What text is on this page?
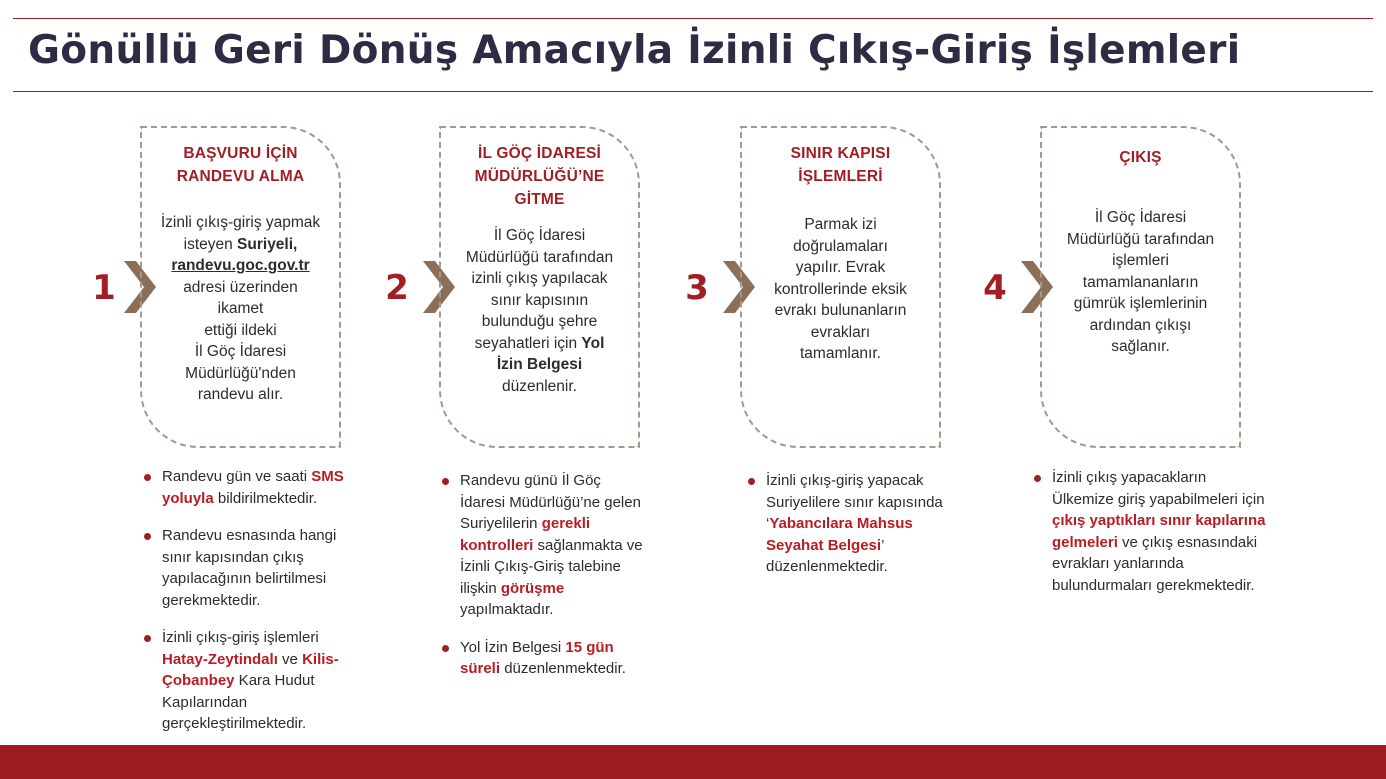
Gönüllü Geri Dönüş Amacıyla İzinli Çıkış-Giriş İşlemleri
1
BAŞVURU İÇİN
RANDEVU ALMA
İzinli çıkış-giriş yapmak
isteyen Suriyeli,
randevu.goc.gov.tr
adresi üzerinden
ikamet
ettiği ildeki
İl Göç İdaresi
Müdürlüğü'nden
randevu alır.
Randevu gün ve saati SMS yoluyla bildirilmektedir.
Randevu esnasında hangi sınır kapısından çıkış yapılacağının belirtilmesi gerekmektedir.
İzinli çıkış-giriş işlemleri Hatay-Zeytindalı ve Kilis-Çobanbey Kara Hudut Kapılarından gerçekleştirilmektedir.
2
İL GÖÇ İDARESİ
MÜDÜRLÜĞÜ’NE
GİTME
İl Göç İdaresi
Müdürlüğü tarafından
izinli çıkış yapılacak
sınır kapısının
bulunduğu şehre
seyahatleri için Yol
İzin Belgesi
düzenlenir.
Randevu günü İl Göç İdaresi Müdürlüğü’ne gelen Suriyelilerin gerekli kontrolleri sağlanmakta ve İzinli Çıkış-Giriş talebine ilişkin görüşme yapılmaktadır.
Yol İzin Belgesi 15 gün süreli düzenlenmektedir.
3
SINIR KAPISI
İŞLEMLERİ
Parmak izi
doğrulamaları
yapılır. Evrak
kontrollerinde eksik
evrakı bulunanların
evrakları
tamamlanır.
İzinli çıkış-giriş yapacak Suriyelilere sınır kapısında ‘Yabancılara Mahsus Seyahat Belgesi’ düzenlenmektedir.
4
ÇIKIŞ
İl Göç İdaresi
Müdürlüğü tarafından
işlemleri
tamamlananların
gümrük işlemlerinin
ardından çıkışı
sağlanır.
İzinli çıkış yapacakların Ülkemize giriş yapabilmeleri için çıkış yaptıkları sınır kapılarına gelmeleri ve çıkış esnasındaki evrakları yanlarında bulundurmaları gerekmektedir.
